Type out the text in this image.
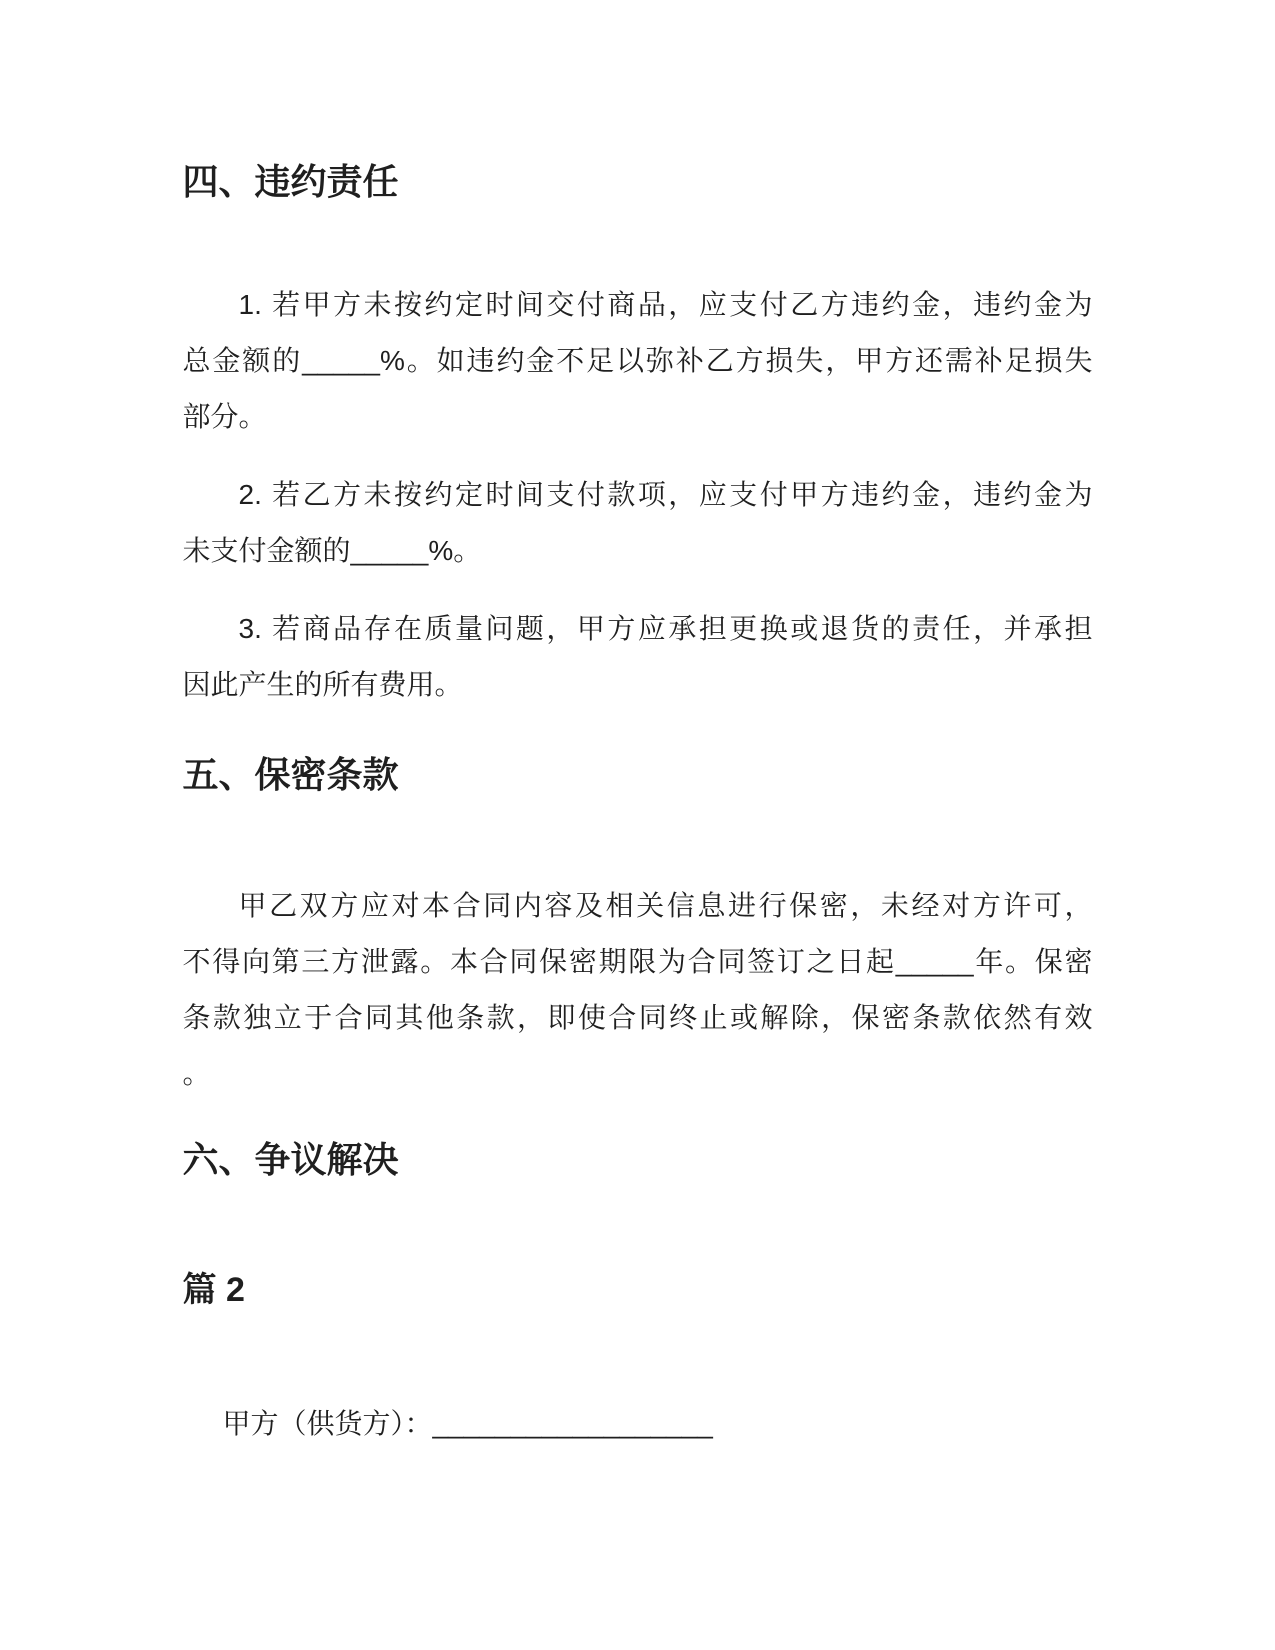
四、违约责任
1. 若甲方未按约定时间交付商品，应支付乙方违约金，违约金为
总金额的_____%。如违约金不足以弥补乙方损失，甲方还需补足损失
部分。
2. 若乙方未按约定时间支付款项，应支付甲方违约金，违约金为
未支付金额的_____%。
3. 若商品存在质量问题，甲方应承担更换或退货的责任，并承担
因此产生的所有费用。
五、保密条款
甲乙双方应对本合同内容及相关信息进行保密，未经对方许可，
不得向第三方泄露。本合同保密期限为合同签订之日起_____年。保密
条款独立于合同其他条款，即使合同终止或解除，保密条款依然有效
。
六、争议解决
篇 2
甲方（供货方）：__________________
